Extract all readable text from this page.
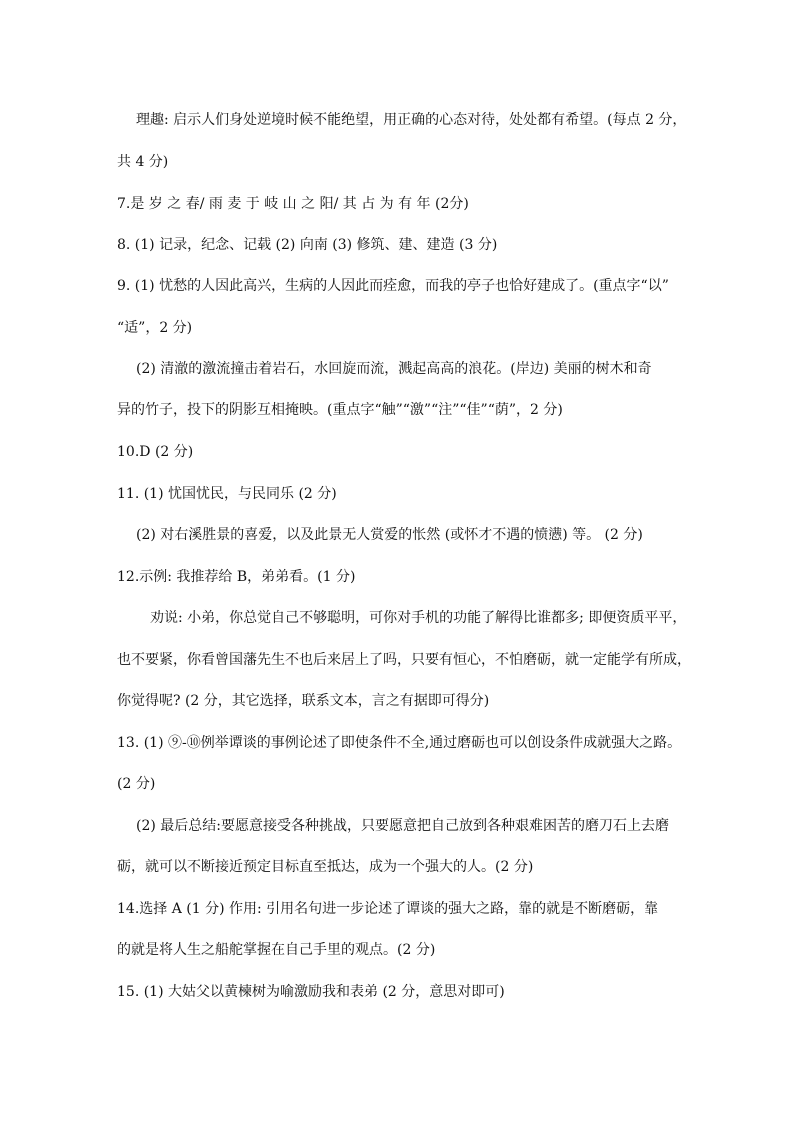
理趣: 启示人们身处逆境时候不能绝望，用正确的心态对待，处处都有希望。(每点 2 分，
共 4 分)
7.是 岁 之 春/ 雨 麦 于 岐 山 之 阳/ 其 占 为 有 年 (2分)
8. (1) 记录，纪念、记载 (2) 向南 (3) 修筑、建、建造 (3 分)
9. (1) 忧愁的人因此高兴，生病的人因此而痊愈，而我的亭子也恰好建成了。(重点字“以”
“适”，2 分)
(2) 清澈的激流撞击着岩石，水回旋而流，溅起高高的浪花。(岸边) 美丽的树木和奇
异的竹子，投下的阴影互相掩映。(重点字“触”“激”“注”“佳”“荫”，2 分)
10.D (2 分)
11. (1) 忧国忧民，与民同乐 (2 分)
(2) 对右溪胜景的喜爱，以及此景无人赏爱的怅然 (或怀才不遇的愤懑) 等。 (2 分)
12.示例: 我推荐给 B，弟弟看。(1 分)
劝说: 小弟，你总觉自己不够聪明，可你对手机的功能了解得比谁都多; 即便资质平平，
也不要紧，你看曾国藩先生不也后来居上了吗，只要有恒心，不怕磨砺，就一定能学有所成，
你觉得呢? (2 分，其它选择，联系文本，言之有据即可得分)
13. (1) ⑨-⑩例举谭谈的事例论述了即使条件不全,通过磨砺也可以创设条件成就强大之路。
(2 分)
(2) 最后总结:要愿意接受各种挑战，只要愿意把自己放到各种艰难困苦的磨刀石上去磨
砺，就可以不断接近预定目标直至抵达，成为一个强大的人。(2 分)
14.选择 A (1 分) 作用: 引用名句进一步论述了谭谈的强大之路，靠的就是不断磨砺，靠
的就是将人生之船舵掌握在自己手里的观点。(2 分)
15. (1) 大姑父以黄楝树为喻激励我和表弟 (2 分，意思对即可)
